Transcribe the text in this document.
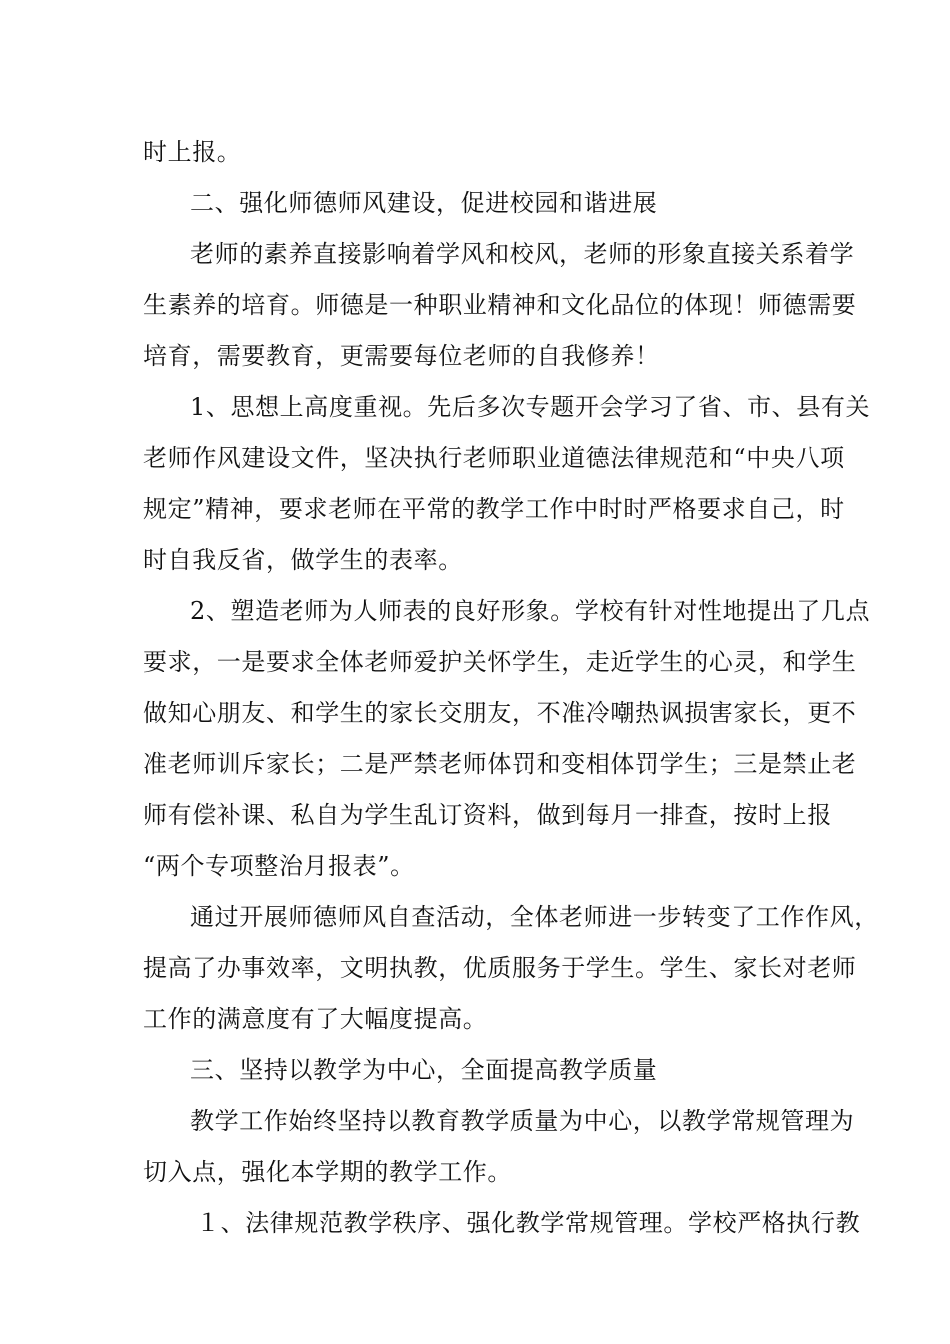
时上报。
二、强化师德师风建设，促进校园和谐进展
老师的素养直接影响着学风和校风，老师的形象直接关系着学
生素养的培育。师德是一种职业精神和文化品位的体现！师德需要
培育，需要教育，更需要每位老师的自我修养！
1、思想上高度重视。先后多次专题开会学习了省、市、县有关
老师作风建设文件，坚决执行老师职业道德法律规范和“中央八项
规定”精神，要求老师在平常的教学工作中时时严格要求自己，时
时自我反省，做学生的表率。
2、塑造老师为人师表的良好形象。学校有针对性地提出了几点
要求，一是要求全体老师爱护关怀学生，走近学生的心灵，和学生
做知心朋友、和学生的家长交朋友，不准冷嘲热讽损害家长，更不
准老师训斥家长；二是严禁老师体罚和变相体罚学生；三是禁止老
师有偿补课、私自为学生乱订资料，做到每月一排查，按时上报
“两个专项整治月报表”。
通过开展师德师风自查活动，全体老师进一步转变了工作作风，
提高了办事效率，文明执教，优质服务于学生。学生、家长对老师
工作的满意度有了大幅度提高。
三、坚持以教学为中心，全面提高教学质量
教学工作始终坚持以教育教学质量为中心，以教学常规管理为
切入点，强化本学期的教学工作。
１、法律规范教学秩序、强化教学常规管理。学校严格执行教
